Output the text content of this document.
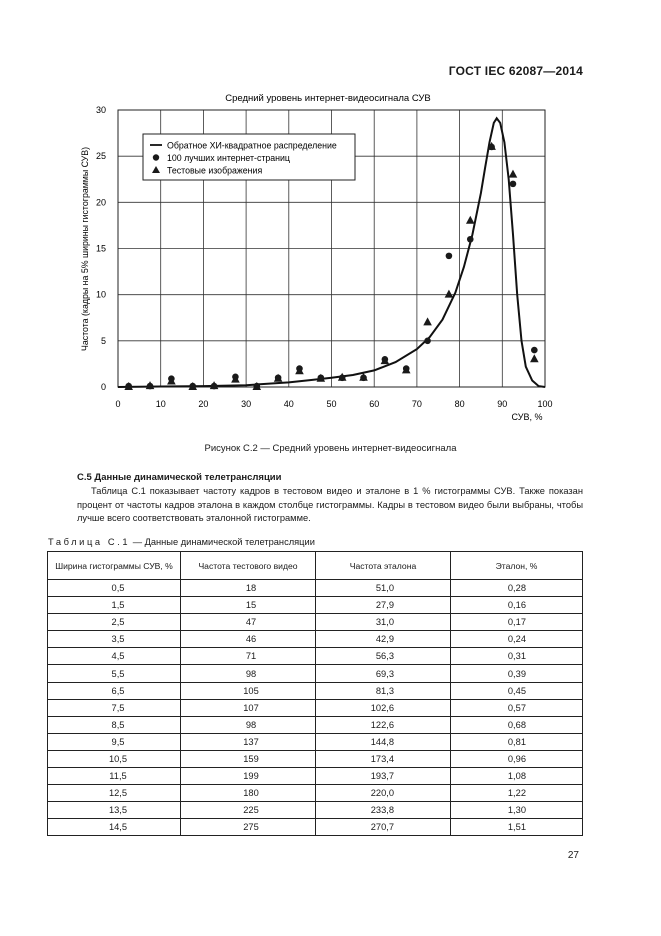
ГОСТ IEC 62087—2014
Средний уровень интернет-видеосигнала СУВ
Частота (кадры на 5% ширины гистограммы СУВ)
СУВ, %
0	10	20	30	40	50	60	70	80	90	100
0
5
10
15
20
25
30
Обратное ХИ-квадратное распределение
100 лучших интернет-страниц
Тестовые изображения
Рисунок С.2 — Средний уровень интернет-видеосигнала
С.5 Данные динамической телетрансляции
Таблица С.1 показывает частоту кадров в тестовом видео и эталоне в 1 % гистограммы СУВ. Также показан процент от частоты кадров эталона в каждом столбце гистограммы. Кадры в тестовом видео были выбраны, чтобы лучше всего соответствовать эталонной гистограмме.
Таблица С.1 — Данные динамической телетрансляции
Ширина гистограммы СУВ, %	Частота тестового видео	Частота эталона	Эталон, %
0,5	18	51,0	0,28
1,5	15	27,9	0,16
2,5	47	31,0	0,17
3,5	46	42,9	0,24
4,5	71	56,3	0,31
5,5	98	69,3	0,39
6,5	105	81,3	0,45
7,5	107	102,6	0,57
8,5	98	122,6	0,68
9,5	137	144,8	0,81
10,5	159	173,4	0,96
11,5	199	193,7	1,08
12,5	180	220,0	1,22
13,5	225	233,8	1,30
14,5	275	270,7	1,51
27
